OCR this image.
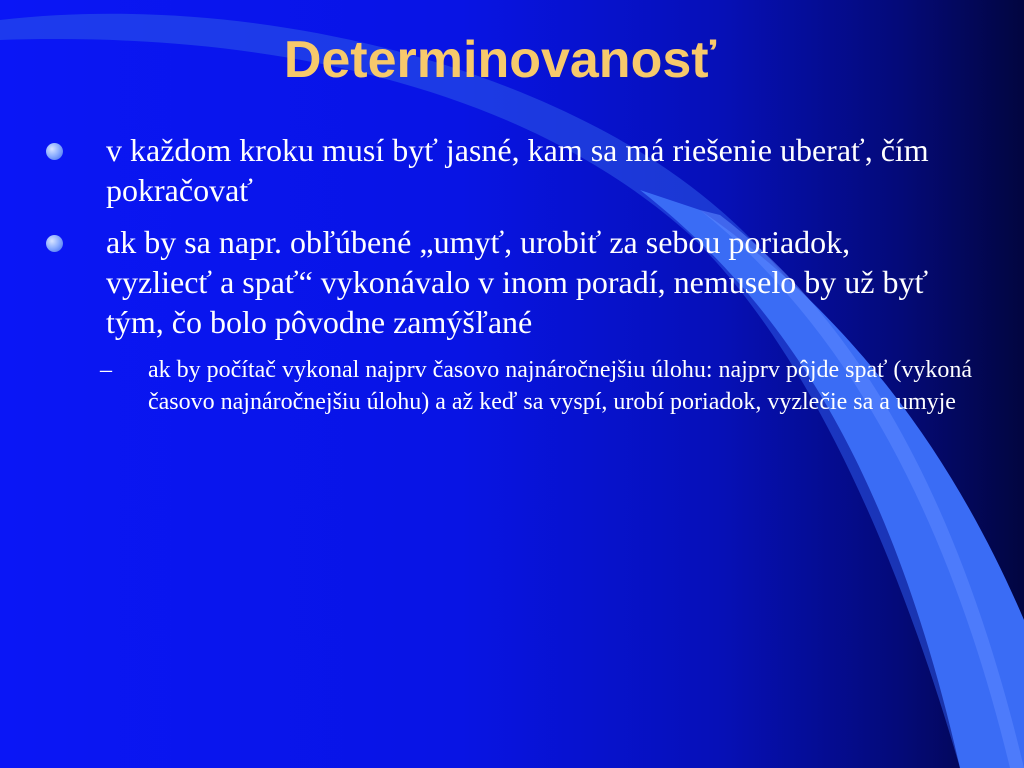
Determinovanosť
v každom kroku musí byť jasné, kam sa má riešenie uberať, čím pokračovať
ak by sa napr. obľúbené „umyť, urobiť za sebou poriadok, vyzliecť a spať“ vykonávalo v inom poradí, nemuselo by už byť tým, čo bolo pôvodne zamýšľané
– ak by počítač vykonal najprv časovo najnáročnejšiu úlohu: najprv pôjde spať (vykoná časovo najnáročnejšiu úlohu) a až keď sa vyspí, urobí poriadok, vyzlečie sa a umyje
